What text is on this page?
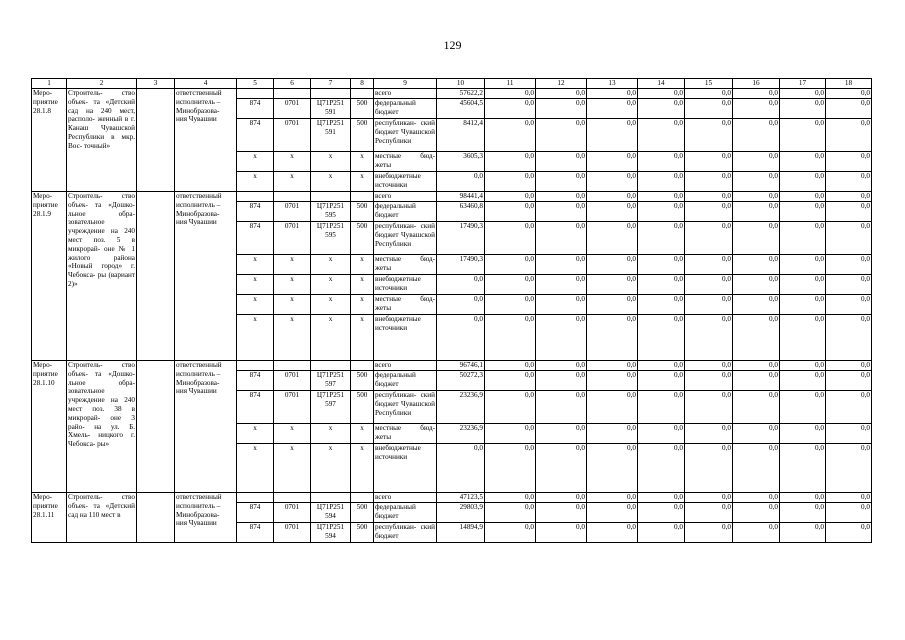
129
1	2	3	4	5	6	7	8	9	10	11	12	13	14	15	16	17	18
Меро- приятие 28.1.8	Строитель- ство объек- та «Детский сад на 240 мест, располо- женный в г. Канаш Чувашской Республики в мкр. Вос- точный»		ответственный
исполнитель –
Минобразова-
ния Чувашии					всего	57622,2	0,0	0,0	0,0	0,0	0,0	0,0	0,0	0,0
				874	0701	Ц71Р251 591	500	федеральный бюджет	45604,5	0,0	0,0	0,0	0,0	0,0	0,0	0,0	0,0
				874	0701	Ц71Р251 591	500	республикан- ский бюджет Чувашской Республики	8412,4	0,0	0,0	0,0	0,0	0,0	0,0	0,0	0,0
				x	x	x	x	местные бюд- жеты	3605,3	0,0	0,0	0,0	0,0	0,0	0,0	0,0	0,0
				x	x	x	x	внебюджетные источники	0,0	0,0	0,0	0,0	0,0	0,0	0,0	0,0	0,0
Меро- приятие 28.1.9	Строитель- ство объек- та «Дошко- льное обра- зовательное учреждение на 240 мест поз. 5 в микрорай- оне № 1 жилого района «Новый город» г. Чебокса- ры (вариант 2)»		ответственный
исполнитель –
Минобразова-
ния Чувашии					всего	98441,4	0,0	0,0	0,0	0,0	0,0	0,0	0,0	0,0
				874	0701	Ц71Р251 595	500	федеральный бюджет	63460,8	0,0	0,0	0,0	0,0	0,0	0,0	0,0	0,0
				874	0701	Ц71Р251 595	500	республикан- ский бюджет Чувашской Республики	17490,3	0,0	0,0	0,0	0,0	0,0	0,0	0,0	0,0
				x	x	x	x	местные бюд- жеты	17490,3	0,0	0,0	0,0	0,0	0,0	0,0	0,0	0,0
				x	x	x	x	внебюджетные источники	0,0	0,0	0,0	0,0	0,0	0,0	0,0	0,0	0,0
				x	x	x	x	местные бюд- жеты	0,0	0,0	0,0	0,0	0,0	0,0	0,0	0,0	0,0
				x	x	x	x	внебюджетные источники	0,0	0,0	0,0	0,0	0,0	0,0	0,0	0,0	0,0
Меро- приятие 28.1.10	Строитель- ство объек- та «Дошко- льное обра- зовательное учреждение на 240 мест поз. 38 в микрорай- оне 3 райо- на ул. Б. Хмель- ницкого г. Чебокса- ры»		ответственный
исполнитель –
Минобразова-
ния Чувашии					всего	96746,1	0,0	0,0	0,0	0,0	0,0	0,0	0,0	0,0
				874	0701	Ц71Р251 597	500	федеральный бюджет	50272,3	0,0	0,0	0,0	0,0	0,0	0,0	0,0	0,0
				874	0701	Ц71Р251 597	500	республикан- ский бюджет Чувашской Республики	23236,9	0,0	0,0	0,0	0,0	0,0	0,0	0,0	0,0
				x	x	x	x	местные бюд- жеты	23236,9	0,0	0,0	0,0	0,0	0,0	0,0	0,0	0,0
				x	x	x	x	внебюджетные источники	0,0	0,0	0,0	0,0	0,0	0,0	0,0	0,0	0,0
Меро- приятие 28.1.11	Строитель- ство объек- та «Детский сад на 110 мест в		ответственный
исполнитель –
Минобразова-
ния Чувашии					всего	47123,5	0,0	0,0	0,0	0,0	0,0	0,0	0,0	0,0
				874	0701	Ц71Р251 594	500	федеральный бюджет	29803,9	0,0	0,0	0,0	0,0	0,0	0,0	0,0	0,0
				874	0701	Ц71Р251 594	500	республикан- ский бюджет	14894,9	0,0	0,0	0,0	0,0	0,0	0,0	0,0	0,0
